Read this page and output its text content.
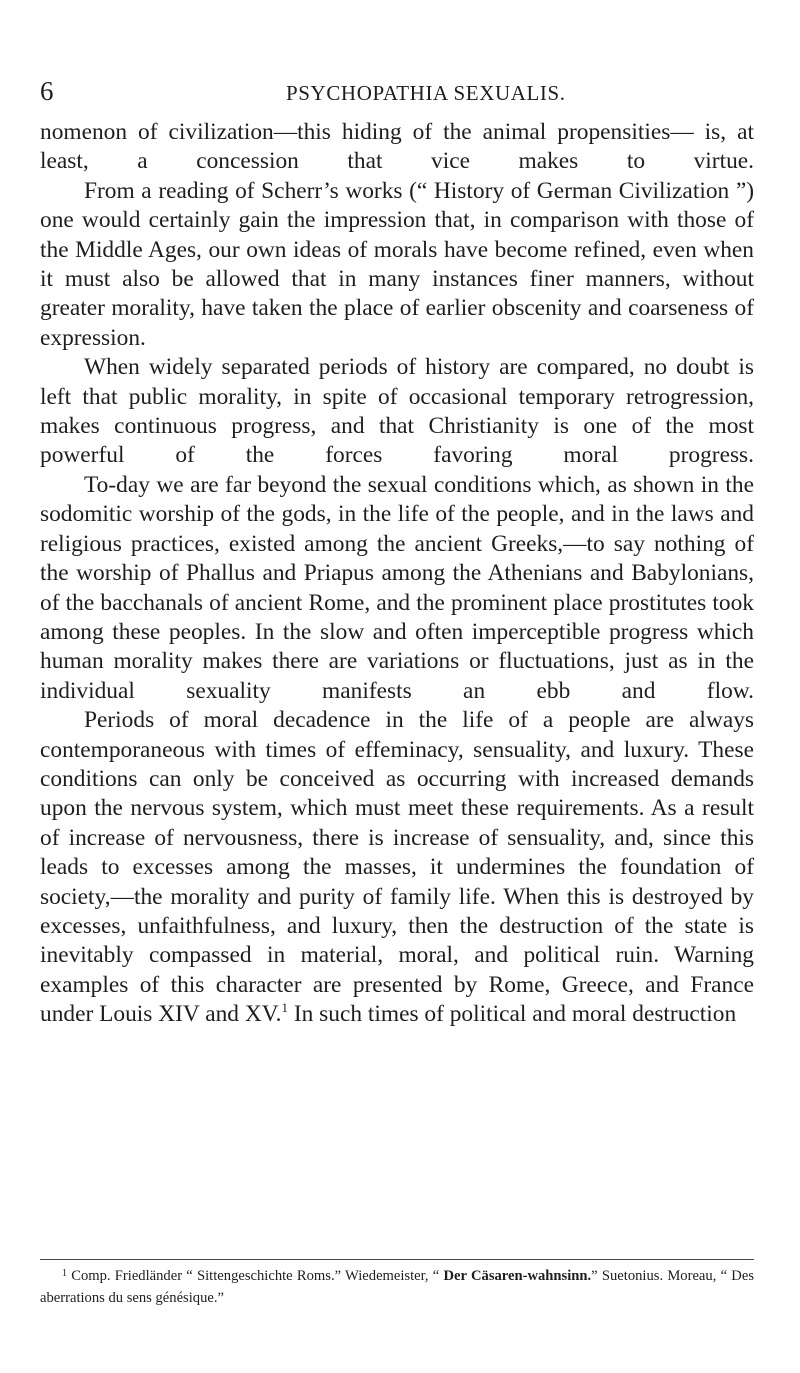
6	PSYCHOPATHIA SEXUALIS.

nomenon of civilization—this hiding of the animal propensities— is, at least, a concession that vice makes to virtue.

From a reading of Scherr’s works (“ History of German Civilization ”) one would certainly gain the impression that, in comparison with those of the Middle Ages, our own ideas of morals have become refined, even when it must also be allowed that in many instances finer manners, without greater morality, have taken the place of earlier obscenity and coarseness of expression.

When widely separated periods of history are compared, no doubt is left that public morality, in spite of occasional temporary retrogression, makes continuous progress, and that Christianity is one of the most powerful of the forces favoring moral progress.

To-day we are far beyond the sexual conditions which, as shown in the sodomitic worship of the gods, in the life of the people, and in the laws and religious practices, existed among the ancient Greeks,—to say nothing of the worship of Phallus and Priapus among the Athenians and Babylonians, of the bacchanals of ancient Rome, and the prominent place prostitutes took among these peoples. In the slow and often imperceptible progress which human morality makes there are variations or fluctuations, just as in the individual sexuality manifests an ebb and flow.

Periods of moral decadence in the life of a people are always contemporaneous with times of effeminacy, sensuality, and luxury. These conditions can only be conceived as occurring with increased demands upon the nervous system, which must meet these requirements. As a result of increase of nervousness, there is increase of sensuality, and, since this leads to excesses among the masses, it undermines the foundation of society,—the morality and purity of family life. When this is destroyed by excesses, unfaithfulness, and luxury, then the destruction of the state is inevitably compassed in material, moral, and political ruin. Warning examples of this character are presented by Rome, Greece, and France under Louis XIV and XV.$^1$ In such times of political and moral destruction

$^1$ Comp. Friedländer “ Sittengeschichte Roms.” Wiedemeister, “ Der Cäsaren-wahnsinn.” Suetonius. Moreau, “ Des aberrations du sens génésique.”
